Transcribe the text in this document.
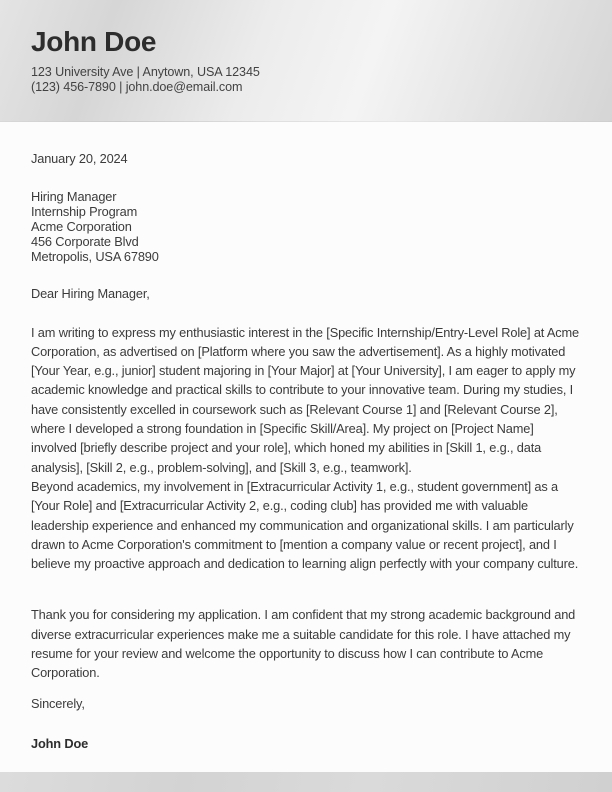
John Doe
123 University Ave | Anytown, USA 12345
(123) 456-7890 | john.doe@email.com
January 20, 2024
Hiring Manager
Internship Program
Acme Corporation
456 Corporate Blvd
Metropolis, USA 67890
Dear Hiring Manager,

I am writing to express my enthusiastic interest in the [Specific Internship/Entry-Level Role] at Acme Corporation, as advertised on [Platform where you saw the advertisement]. As a highly motivated [Your Year, e.g., junior] student majoring in [Your Major] at [Your University], I am eager to apply my academic knowledge and practical skills to contribute to your innovative team. During my studies, I have consistently excelled in coursework such as [Relevant Course 1] and [Relevant Course 2], where I developed a strong foundation in [Specific Skill/Area]. My project on [Project Name] involved [briefly describe project and your role], which honed my abilities in [Skill 1, e.g., data analysis], [Skill 2, e.g., problem-solving], and [Skill 3, e.g., teamwork].

Beyond academics, my involvement in [Extracurricular Activity 1, e.g., student government] as a [Your Role] and [Extracurricular Activity 2, e.g., coding club] has provided me with valuable leadership experience and enhanced my communication and organizational skills. I am particularly drawn to Acme Corporation's commitment to [mention a company value or recent project], and I believe my proactive approach and dedication to learning align perfectly with your company culture.

Thank you for considering my application. I am confident that my strong academic background and diverse extracurricular experiences make me a suitable candidate for this role. I have attached my resume for your review and welcome the opportunity to discuss how I can contribute to Acme Corporation.

Sincerely,
John Doe
